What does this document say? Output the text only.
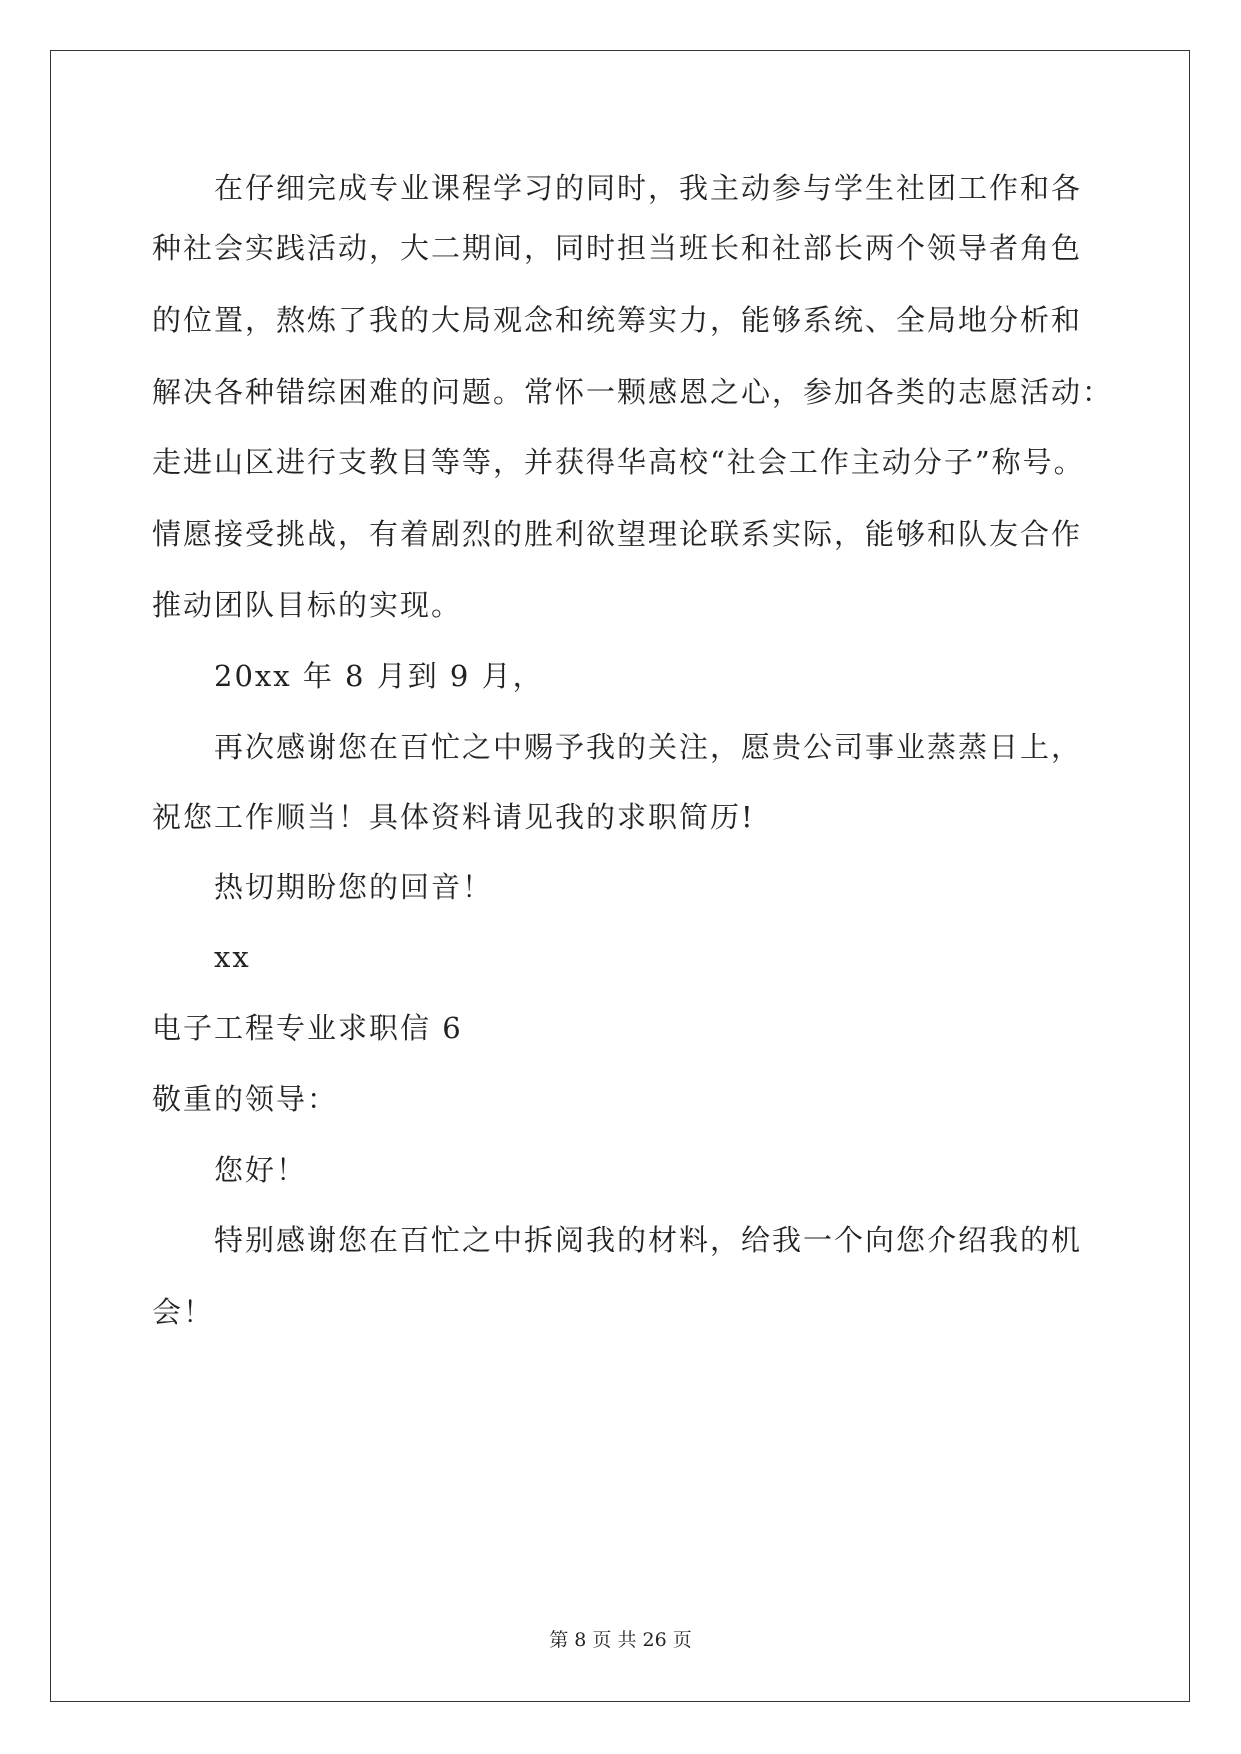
在仔细完成专业课程学习的同时，我主动参与学生社团工作和各
种社会实践活动，大二期间，同时担当班长和社部长两个领导者角色
的位置，熬炼了我的大局观念和统筹实力，能够系统、全局地分析和
解决各种错综困难的问题。常怀一颗感恩之心，参加各类的志愿活动：
走进山区进行支教目等等，并获得华高校“社会工作主动分子”称号。
情愿接受挑战，有着剧烈的胜利欲望理论联系实际，能够和队友合作
推动团队目标的实现。
20xx 年 8 月到 9 月，
再次感谢您在百忙之中赐予我的关注，愿贵公司事业蒸蒸日上，
祝您工作顺当！具体资料请见我的求职简历!
热切期盼您的回音！
xx
电子工程专业求职信 6
敬重的领导：
您好！
特别感谢您在百忙之中拆阅我的材料，给我一个向您介绍我的机
会！
第 8 页 共 26 页
